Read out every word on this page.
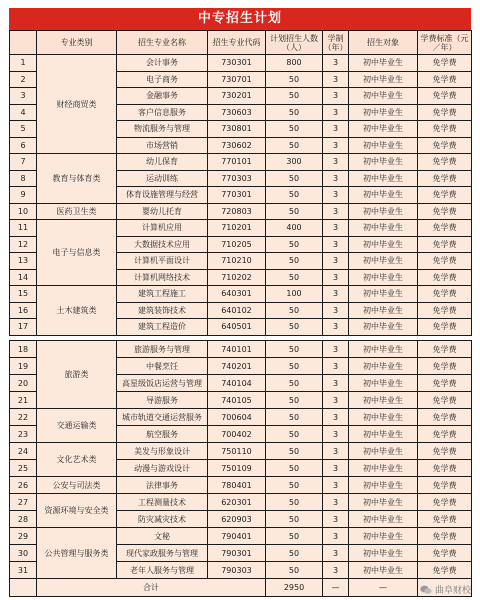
中专招生计划
	专业类别	招生专业名称	招生专业代码	计划招生人数（人）	学制（年）	招生对象	学费标准（元／年）
1	财经商贸类	会计事务	730301	800	3	初中毕业生	免学费
2		电子商务	730701	50	3	初中毕业生	免学费
3		金融事务	730201	50	3	初中毕业生	免学费
4		客户信息服务	730603	50	3	初中毕业生	免学费
5		物流服务与管理	730801	50	3	初中毕业生	免学费
6		市场营销	730602	50	3	初中毕业生	免学费
7	教育与体育类	幼儿保育	770101	300	3	初中毕业生	免学费
8		运动训练	770303	50	3	初中毕业生	免学费
9		体育设施管理与经营	770301	50	3	初中毕业生	免学费
10	医药卫生类	婴幼儿托育	720803	50	3	初中毕业生	免学费
11	电子与信息类	计算机应用	710201	400	3	初中毕业生	免学费
12		大数据技术应用	710205	50	3	初中毕业生	免学费
13		计算机平面设计	710210	50	3	初中毕业生	免学费
14		计算机网络技术	710202	50	3	初中毕业生	免学费
15	土木建筑类	建筑工程施工	640301	100	3	初中毕业生	免学费
16		建筑装饰技术	640102	50	3	初中毕业生	免学费
17		建筑工程造价	640501	50	3	初中毕业生	免学费
18	旅游类	旅游服务与管理	740101	50	3	初中毕业生	免学费
19		中餐烹饪	740201	50	3	初中毕业生	免学费
20		高星级饭店运营与管理	740104	50	3	初中毕业生	免学费
21		导游服务	740105	50	3	初中毕业生	免学费
22	交通运输类	城市轨道交通运营服务	700604	50	3	初中毕业生	免学费
23		航空服务	700402	50	3	初中毕业生	免学费
24	文化艺术类	美发与形象设计	750110	50	3	初中毕业生	免学费
25		动漫与游戏设计	750109	50	3	初中毕业生	免学费
26	公安与司法类	法律事务	780401	50	3	初中毕业生	免学费
27	资源环境与安全类	工程测量技术	620301	50	3	初中毕业生	免学费
28		防灾减灾技术	620903	50	3	初中毕业生	免学费
29	公共管理与服务类	文秘	790401	50	3	初中毕业生	免学费
30		现代家政服务与管理	790301	50	3	初中毕业生	免学费
31		老年人服务与管理	790303	50	3	初中毕业生	免学费
	合计			2950	—	—		曲阜财校
